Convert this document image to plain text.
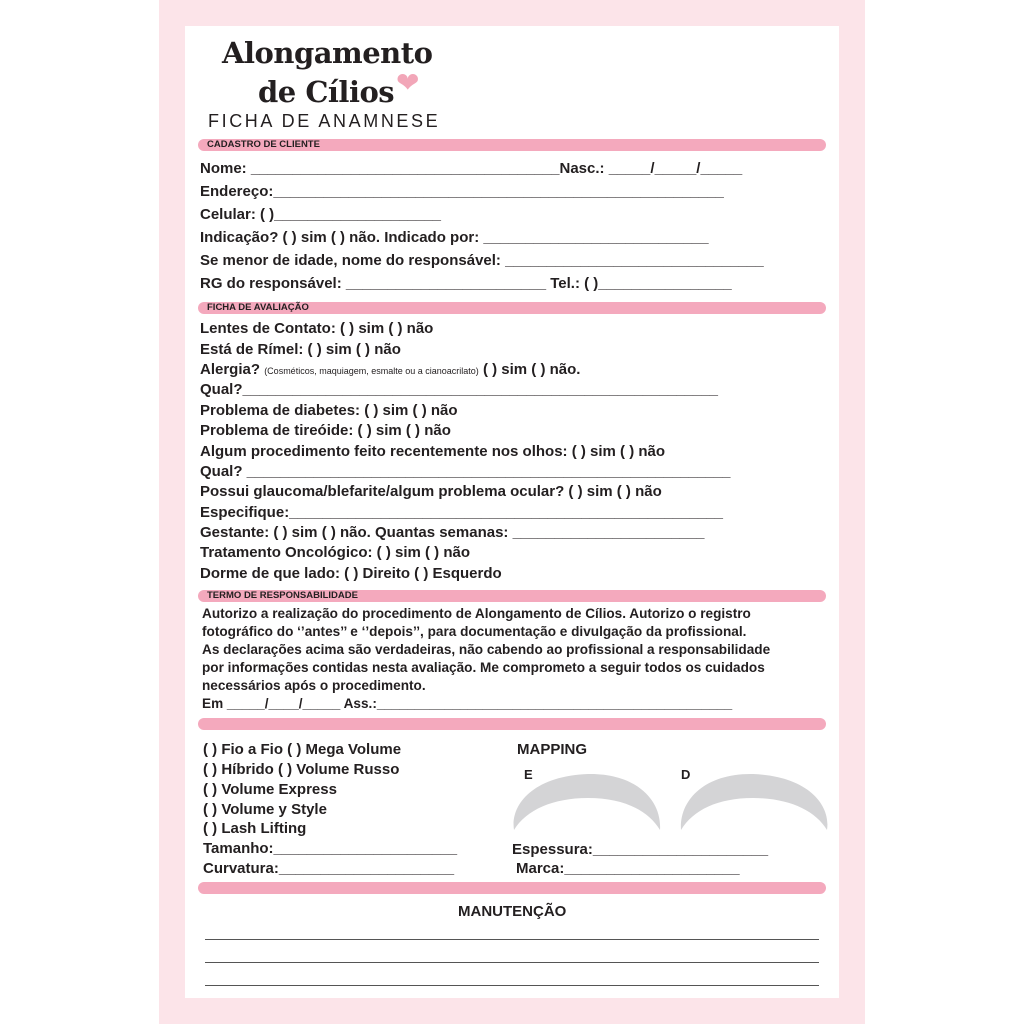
Alongamento
de Cílios ❤
FICHA DE ANAMNESE
CADASTRO DE CLIENTE
Nome: _____________________________________Nasc.: _____/_____/_____
Endereço:______________________________________________________
Celular: ( )____________________
Indicação? ( ) sim ( ) não. Indicado por: ___________________________
Se menor de idade, nome do responsável: _______________________________
RG do responsável: ________________________ Tel.: ( )________________
FICHA DE AVALIAÇÃO
Lentes de Contato: ( ) sim ( ) não
Está de Rímel: ( ) sim ( ) não
Alergia? (Cosméticos, maquiagem, esmalte ou a cianoacrilato) ( ) sim ( ) não.
Qual?_________________________________________________________
Problema de diabetes: ( ) sim ( ) não
Problema de tireóide: ( ) sim ( ) não
Algum procedimento feito recentemente nos olhos: ( ) sim ( ) não
Qual? __________________________________________________________
Possui glaucoma/blefarite/algum problema ocular? ( ) sim ( ) não
Especifique:____________________________________________________
Gestante: ( ) sim ( ) não. Quantas semanas: _______________________
Tratamento Oncológico: ( ) sim ( ) não
Dorme de que lado: ( ) Direito ( ) Esquerdo
TERMO DE RESPONSABILIDADE
Autorizo a realização do procedimento de Alongamento de Cílios. Autorizo o registro
fotográfico do ‘’antes’’ e ‘’depois’’, para documentação e divulgação da profissional.
As declarações acima são verdadeiras, não cabendo ao profissional a responsabilidade
por informações contidas nesta avaliação. Me comprometo a seguir todos os cuidados
necessários após o procedimento.
Em _____/____/_____ Ass.:_______________________________________________
( ) Fio a Fio ( ) Mega Volume
( ) Híbrido ( ) Volume Russo
( ) Volume Express
( ) Volume y Style
( ) Lash Lifting
Tamanho:______________________
Curvatura:_____________________
MAPPING
E	D
Espessura:_____________________
Marca:_____________________
MANUTENÇÃO
